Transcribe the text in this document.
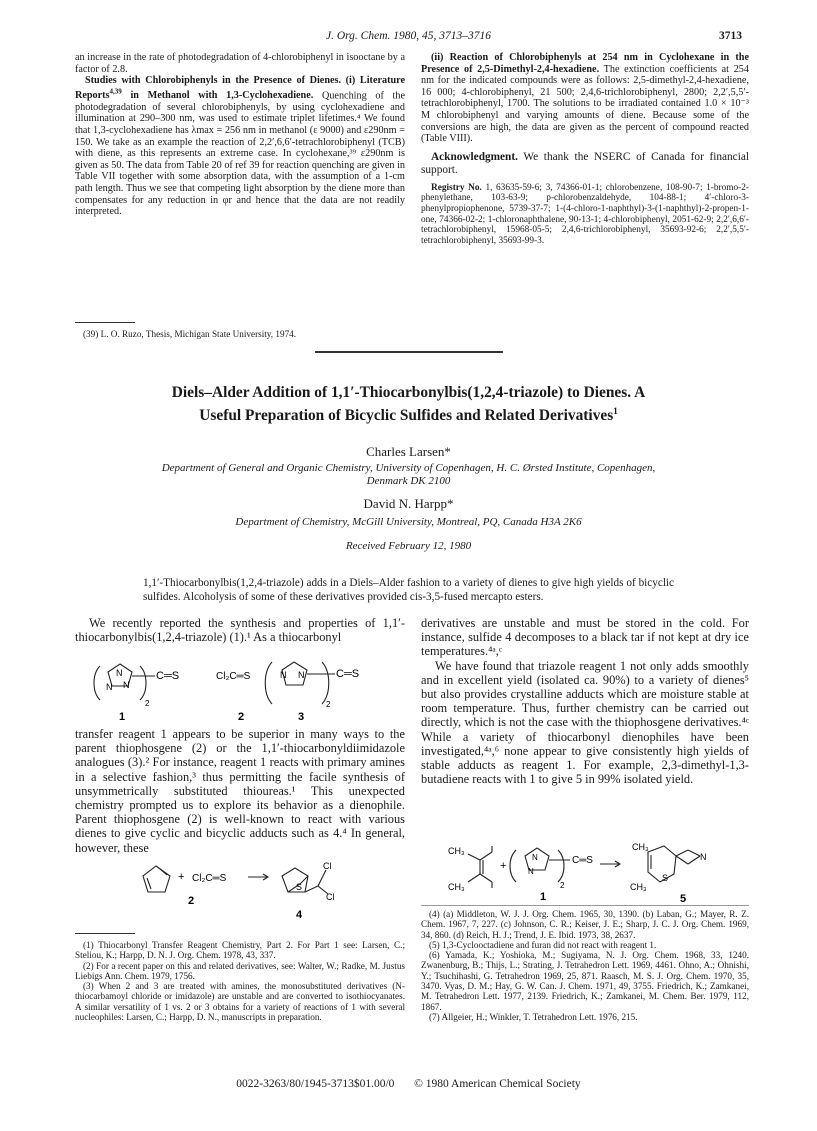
J. Org. Chem. 1980, 45, 3713–3716	3713

an increase in the rate of photodegradation of 4-chlorobiphenyl in isooctane by a factor of 2.8.

Studies with Chlorobiphenyls in the Presence of Dienes. (i) Literature Reports$^{4,39}$ in Methanol with 1,3-Cyclohexadiene. Quenching of the photodegradation of several chlorobiphenyls, by using cyclohexadiene and illumination at 290–300 nm, was used to estimate triplet lifetimes.⁴ We found that 1,3-cyclohexadiene has λmax = 256 nm in methanol (ε 9000) and ε290nm = 150. We take as an example the reaction of 2,2′,6,6′-tetrachlorobiphenyl (TCB) with diene, as this represents an extreme case. In cyclohexane,³⁹ ε290nm is given as 50. The data from Table 20 of ref 39 for reaction quenching are given in Table VII together with some absorption data, with the assumption of a 1-cm path length. Thus we see that competing light absorption by the diene more than compensates for any reduction in φr and hence that the data are not readily interpreted.

(39) L. O. Ruzo, Thesis, Michigan State University, 1974.

(ii) Reaction of Chlorobiphenyls at 254 nm in Cyclohexane in the Presence of 2,5-Dimethyl-2,4-hexadiene. The extinction coefficients at 254 nm for the indicated compounds were as follows: 2,5-dimethyl-2,4-hexadiene, 16 000; 4-chlorobiphenyl, 21 500; 2,4,6-trichlorobiphenyl, 2800; 2,2′,5,5′-tetrachlorobiphenyl, 1700. The solutions to be irradiated contained 1.0 × 10⁻³ M chlorobiphenyl and varying amounts of diene. Because some of the conversions are high, the data are given as the percent of compound reacted (Table VIII).

Acknowledgment. We thank the NSERC of Canada for financial support.

Registry No. 1, 63635-59-6; 3, 74366-01-1; chlorobenzene, 108-90-7; 1-bromo-2-phenylethane, 103-63-9; p-chlorobenzaldehyde, 104-88-1; 4′-chloro-3-phenylpropiophenone, 5739-37-7; 1-(4-chloro-1-naphthyl)-3-(1-naphthyl)-2-propen-1-one, 74366-02-2; 1-chloronaphthalene, 90-13-1; 4-chlorobiphenyl, 2051-62-9; 2,2′,6,6′-tetrachlorobiphenyl, 15968-05-5; 2,4,6-trichlorobiphenyl, 35693-92-6; 2,2′,5,5′-tetrachlorobiphenyl, 35693-99-3.

Diels–Alder Addition of 1,1′-Thiocarbonylbis(1,2,4-triazole) to Dienes. A
Useful Preparation of Bicyclic Sulfides and Related Derivatives$^1$
Charles Larsen*
Department of General and Organic Chemistry, University of Copenhagen, H. C. Ørsted Institute, Copenhagen,
Denmark DK 2100
David N. Harpp*
Department of Chemistry, McGill University, Montreal, PQ, Canada H3A 2K6
Received February 12, 1980
1,1′-Thiocarbonylbis(1,2,4-triazole) adds in a Diels–Alder fashion to a variety of dienes to give high yields of bicyclic sulfides. Alcoholysis of some of these derivatives provided cis-3,5-fused mercapto esters.

We recently reported the synthesis and properties of 1,1′-thiocarbonylbis(1,2,4-triazole) (1).¹ As a thiocarbonyl

N
N N
C═S
2
1
Cl₂C═S
2
N N	C═S
2
3

transfer reagent 1 appears to be superior in many ways to the parent thiophosgene (2) or the 1,1′-thiocarbonyldiimidazole analogues (3).² For instance, reagent 1 reacts with primary amines in a selective fashion,³ thus permitting the facile synthesis of unsymmetrically substituted thioureas.¹ This unexpected chemistry prompted us to explore its behavior as a dienophile. Parent thiophosgene (2) is well-known to react with various dienes to give cyclic and bicyclic adducts such as 4.⁴ In general, however, these

+ Cl₂C═S
2
Cl
Cl
S
4

(1) Thiocarbonyl Transfer Reagent Chemistry, Part 2. For Part 1 see: Larsen, C.; Steliou, K.; Harpp, D. N. J. Org. Chem. 1978, 43, 337.

(2) For a recent paper on this and related derivatives, see: Walter, W.; Radke, M. Justus Liebigs Ann. Chem. 1979, 1756.

(3) When 2 and 3 are treated with amines, the monosubstituted derivatives (N-thiocarbamoyl chloride or imidazole) are unstable and are converted to isothiocyanates. A similar versatility of 1 vs. 2 or 3 obtains for a variety of reactions of 1 with several nucleophiles: Larsen, C.; Harpp, D. N., manuscripts in preparation.

derivatives are unstable and must be stored in the cold. For instance, sulfide 4 decomposes to a black tar if not kept at dry ice temperatures.⁴ᵃ,ᶜ

We have found that triazole reagent 1 not only adds smoothly and in excellent yield (isolated ca. 90%) to a variety of dienes⁵ but also provides crystalline adducts which are moisture stable at room temperature. Thus, further chemistry can be carried out directly, which is not the case with the thiophosgene derivatives.⁴ᶜ While a variety of thiocarbonyl dienophiles have been investigated,⁴ᵃ,⁶ none appear to give consistently high yields of stable adducts as reagent 1. For example, 2,3-dimethyl-1,3-butadiene reacts with 1 to give 5 in 99% isolated yield.

CH₃
CH₃
+
N
N
C═S
2
1
CH₃
CH₃
N
S
5

(4) (a) Middleton, W. J. J. Org. Chem. 1965, 30, 1390. (b) Laban, G.; Mayer, R. Z. Chem. 1967, 7, 227. (c) Johnson, C. R.; Keiser, J. E.; Sharp, J. C. J. Org. Chem. 1969, 34, 860. (d) Reich, H. J.; Trend, J. E. Ibid. 1973, 38, 2637.

(5) 1,3-Cyclooctadiene and furan did not react with reagent 1.

(6) Yamada, K.; Yoshioka, M.; Sugiyama, N. J. Org. Chem. 1968, 33, 1240. Zwanenburg, B.; Thijs, L.; Strating, J. Tetrahedron Lett. 1969, 4461. Ohno, A.; Ohnishi, Y.; Tsuchihashi, G. Tetrahedron 1969, 25, 871. Raasch, M. S. J. Org. Chem. 1970, 35, 3470. Vyas, D. M.; Hay, G. W. Can. J. Chem. 1971, 49, 3755. Friedrich, K.; Zamkanei, M. Tetrahedron Lett. 1977, 2139. Friedrich, K.; Zamkanei, M. Chem. Ber. 1979, 112, 1867.

(7) Allgeier, H.; Winkler, T. Tetrahedron Lett. 1976, 215.

0022-3263/80/1945-3713$01.00/0 © 1980 American Chemical Society
